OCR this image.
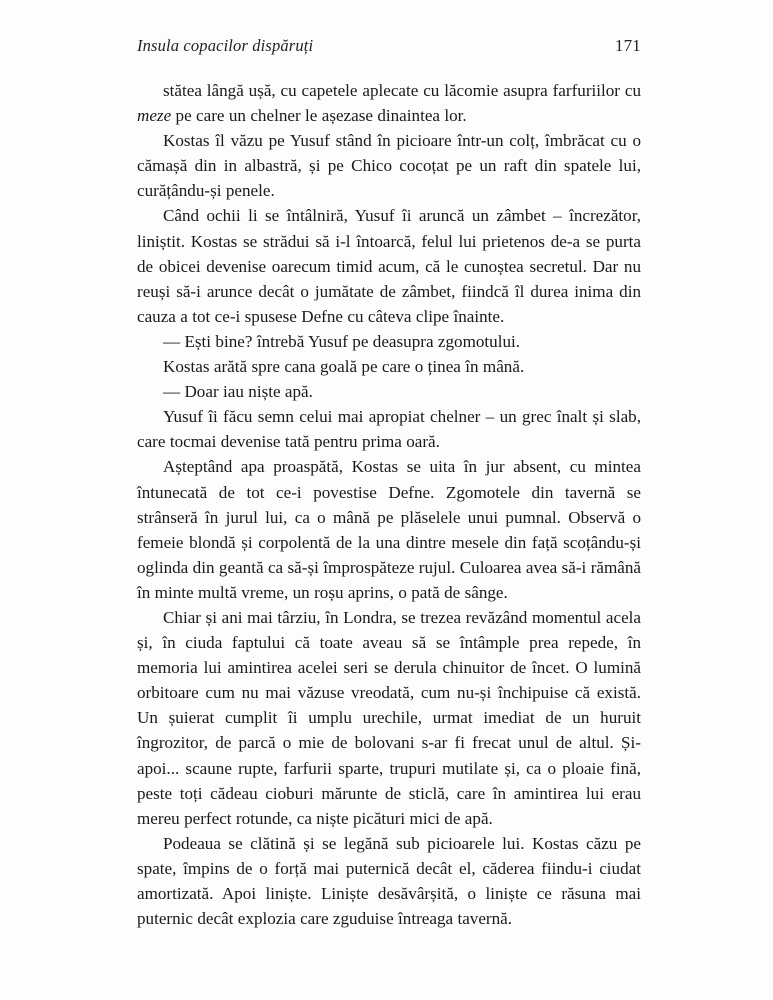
Insula copacilor dispăruți	171

stătea lângă ușă, cu capetele aplecate cu lăcomie asupra farfuriilor cu meze pe care un chelner le așezase dinaintea lor.

Kostas îl văzu pe Yusuf stând în picioare într-un colț, îmbrăcat cu o cămașă din in albastră, și pe Chico cocoțat pe un raft din spatele lui, curățându-și penele.

Când ochii li se întâlniră, Yusuf îi aruncă un zâmbet – încrezător, liniștit. Kostas se strădui să i-l întoarcă, felul lui prietenos de-a se purta de obicei devenise oarecum timid acum, că le cunoștea secretul. Dar nu reuși să-i arunce decât o jumătate de zâmbet, fiindcă îl durea inima din cauza a tot ce-i spusese Defne cu câteva clipe înainte.

— Ești bine? întrebă Yusuf pe deasupra zgomotului.

Kostas arătă spre cana goală pe care o ținea în mână.

— Doar iau niște apă.

Yusuf îi făcu semn celui mai apropiat chelner – un grec înalt și slab, care tocmai devenise tată pentru prima oară.

Așteptând apa proaspătă, Kostas se uita în jur absent, cu mintea întunecată de tot ce-i povestise Defne. Zgomotele din tavernă se strânseră în jurul lui, ca o mână pe plăselele unui pumnal. Observă o femeie blondă și corpolentă de la una dintre mesele din față scoțându-și oglinda din geantă ca să-și împrospăteze rujul. Culoarea avea să-i rămână în minte multă vreme, un roșu aprins, o pată de sânge.

Chiar și ani mai târziu, în Londra, se trezea revăzând momentul acela și, în ciuda faptului că toate aveau să se întâmple prea repede, în memoria lui amintirea acelei seri se derula chinuitor de încet. O lumină orbitoare cum nu mai văzuse vreodată, cum nu-și închipuise că există. Un șuierat cumplit îi umplu urechile, urmat imediat de un huruit îngrozitor, de parcă o mie de bolovani s-ar fi frecat unul de altul. Și-apoi... scaune rupte, farfurii sparte, trupuri mutilate și, ca o ploaie fină, peste toți cădeau cioburi mărunte de sticlă, care în amintirea lui erau mereu perfect rotunde, ca niște picături mici de apă.

Podeaua se clătină și se legănă sub picioarele lui. Kostas căzu pe spate, împins de o forță mai puternică decât el, căderea fiindu-i ciudat amortizată. Apoi liniște. Liniște desăvârșită, o liniște ce răsuna mai puternic decât explozia care zguduise întreaga tavernă.
